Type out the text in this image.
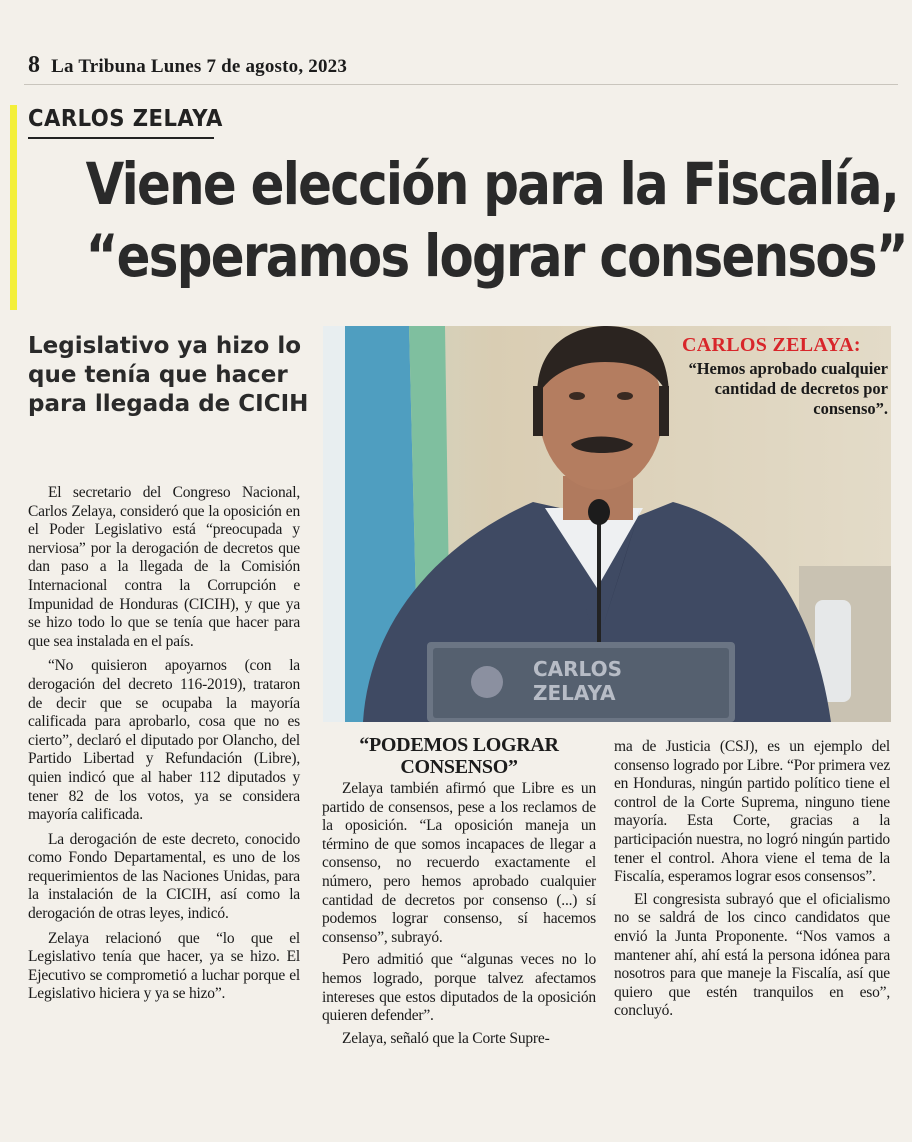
8 La Tribuna Lunes 7 de agosto, 2023
CARLOS ZELAYA
Viene elección para la Fiscalía,
“esperamos lograr consensos”
Legislativo ya hizo lo que tenía que hacer para llegada de CICIH

El secretario del Congreso Nacional, Carlos Zelaya, consideró que la oposición en el Poder Legislativo está “preocupada y nerviosa” por la derogación de decretos que dan paso a la llegada de la Comisión Internacional contra la Corrupción e Impunidad de Honduras (CICIH), y que ya se hizo todo lo que se tenía que hacer para que sea instalada en el país.

“No quisieron apoyarnos (con la derogación del decreto 116-2019), trataron de decir que se ocupaba la mayoría calificada para aprobarlo, cosa que no es cierto”, declaró el diputado por Olancho, del Partido Libertad y Refundación (Libre), quien indicó que al haber 112 diputados y tener 82 de los votos, ya se considera mayoría calificada.

La derogación de este decreto, conocido como Fondo Departamental, es uno de los requerimientos de las Naciones Unidas, para la instalación de la CICIH, así como la derogación de otras leyes, indicó.

Zelaya relacionó que “lo que el Legislativo tenía que hacer, ya se hizo. El Ejecutivo se comprometió a luchar porque el Legislativo hiciera y ya se hizo”.

CARLOS
ZELAYA
CARLOS ZELAYA:
“Hemos aprobado cualquier cantidad de decretos por consenso”.
“PODEMOS LOGRAR CONSENSO”

Zelaya también afirmó que Libre es un partido de consensos, pese a los reclamos de la oposición. “La oposición maneja un término de que somos incapaces de llegar a consenso, no recuerdo exactamente el número, pero hemos aprobado cualquier cantidad de decretos por consenso (...) sí podemos lograr consenso, sí hacemos consenso”, subrayó.

Pero admitió que “algunas veces no lo hemos logrado, porque talvez afectamos intereses que estos diputados de la oposición quieren defender”.

Zelaya, señaló que la Corte Supre-

ma de Justicia (CSJ), es un ejemplo del consenso logrado por Libre. “Por primera vez en Honduras, ningún partido político tiene el control de la Corte Suprema, ninguno tiene mayoría. Esta Corte, gracias a la participación nuestra, no logró ningún partido tener el control. Ahora viene el tema de la Fiscalía, esperamos lograr esos consensos”.

El congresista subrayó que el oficialismo no se saldrá de los cinco candidatos que envió la Junta Proponente. “Nos vamos a mantener ahí, ahí está la persona idónea para nosotros para que maneje la Fiscalía, así que quiero que estén tranquilos en eso”, concluyó.
